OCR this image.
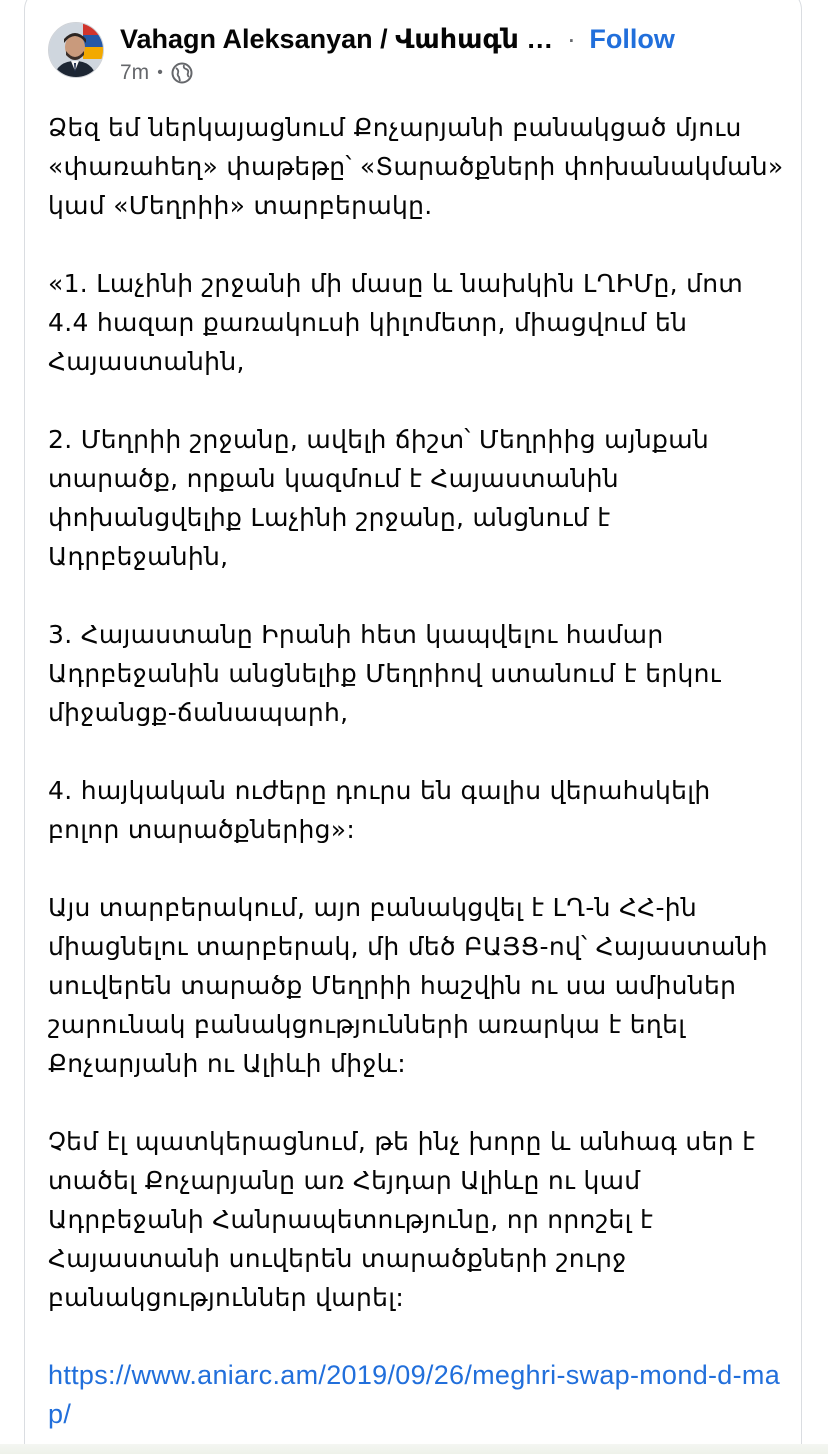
Vahagn Aleksanyan / Վահագն … · Follow
7m •

Ձեզ եմ ներկայացնում Քոչարյանի բանակցած մյուս «փառահեղ» փաթեթը՝ «Տարածքների փոխանակման» կամ «Մեղրիի» տարբերակը.

«1. Լաչինի շրջանի մի մասը և նախկին ԼՂԻՄը, մոտ 4.4 հազար քառակուսի կիլոմետր, միացվում են Հայաստանին,

2. Մեղրիի շրջանը, ավելի ճիշտ՝ Մեղրիից այնքան տարածք, որքան կազմում է Հայաստանին փոխանցվելիք Լաչինի շրջանը, անցնում է Ադրբեջանին,

3. Հայաստանը Իրանի հետ կապվելու համար Ադրբեջանին անցնելիք Մեղրիով ստանում է երկու միջանցք-ճանապարհ,

4. հայկական ուժերը դուրս են գալիս վերահսկելի բոլոր տարածքներից»:

Այս տարբերակում, այո բանակցվել է ԼՂ-ն ՀՀ-ին միացնելու տարբերակ, մի մեծ ԲԱՅՑ-ով՝ Հայաստանի սուվերեն տարածք Մեղրիի հաշվին ու սա ամիսներ շարունակ բանակցությունների առարկա է եղել Քոչարյանի ու Ալիևի միջև:

Չեմ էլ պատկերացնում, թե ինչ խորը և անհագ սեր է տածել Քոչարյանը առ Հեյդար Ալիևը ու կամ Ադրբեջանի Հանրապետությունը, որ որոշել է Հայաստանի սուվերեն տարածքների շուրջ բանակցություններ վարել:

https://www.aniarc.am/2019/09/26/meghri-swap-mond-d-map/
